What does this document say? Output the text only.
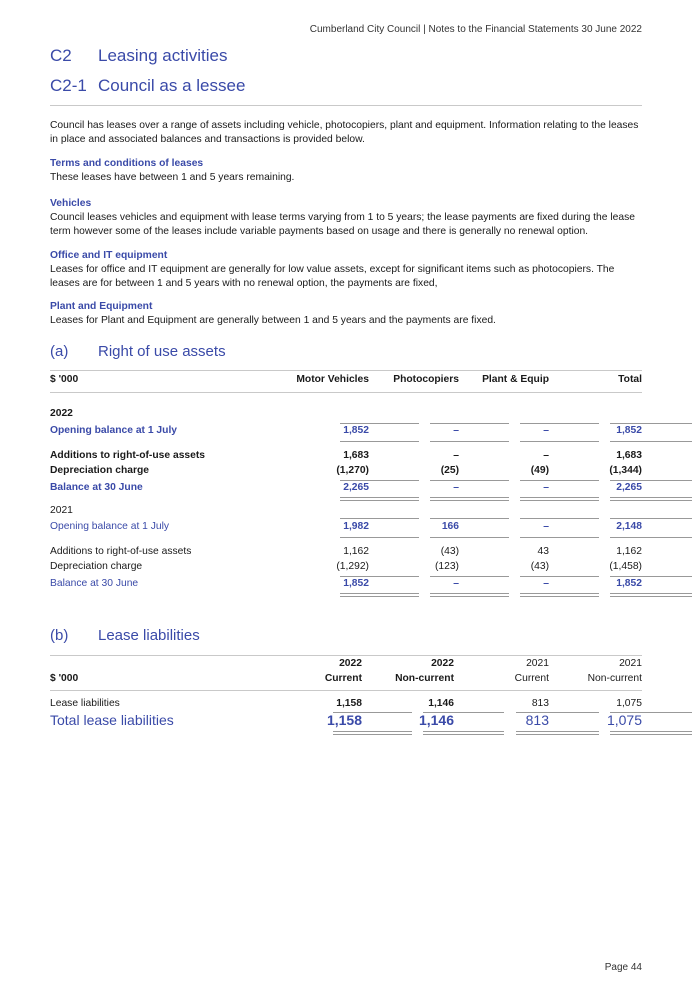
Cumberland City Council | Notes to the Financial Statements 30 June 2022
C2 Leasing activities
C2-1 Council as a lessee
Council has leases over a range of assets including vehicle, photocopiers, plant and equipment. Information relating to the leases in place and associated balances and transactions is provided below.
Terms and conditions of leases
These leases have between 1 and 5 years remaining.
Vehicles
Council leases vehicles and equipment with lease terms varying from 1 to 5 years; the lease payments are fixed during the lease term however some of the leases include variable payments based on usage and there is generally no renewal option.
Office and IT equipment
Leases for office and IT equipment are generally for low value assets, except for significant items such as photocopiers. The leases are for between 1 and 5 years with no renewal option, the payments are fixed,
Plant and Equipment
Leases for Plant and Equipment are generally between 1 and 5 years and the payments are fixed.
(a) Right of use assets
$ '000	Motor Vehicles	Photocopiers	Plant & Equip	Total
2022
Opening balance at 1 July	1,852	–	–	1,852
Additions to right-of-use assets	1,683	–	–	1,683
Depreciation charge	(1,270)	(25)	(49)	(1,344)
Balance at 30 June	2,265	–	–	2,265
2021
Opening balance at 1 July	1,982	166	–	2,148
Additions to right-of-use assets	1,162	(43)	43	1,162
Depreciation charge	(1,292)	(123)	(43)	(1,458)
Balance at 30 June	1,852	–	–	1,852
(b) Lease liabilities
2022	2022	2021	2021
$ '000	Current	Non-current	Current	Non-current
Lease liabilities	1,158	1,146	813	1,075
Total lease liabilities	1,158	1,146	813	1,075
Page 44
